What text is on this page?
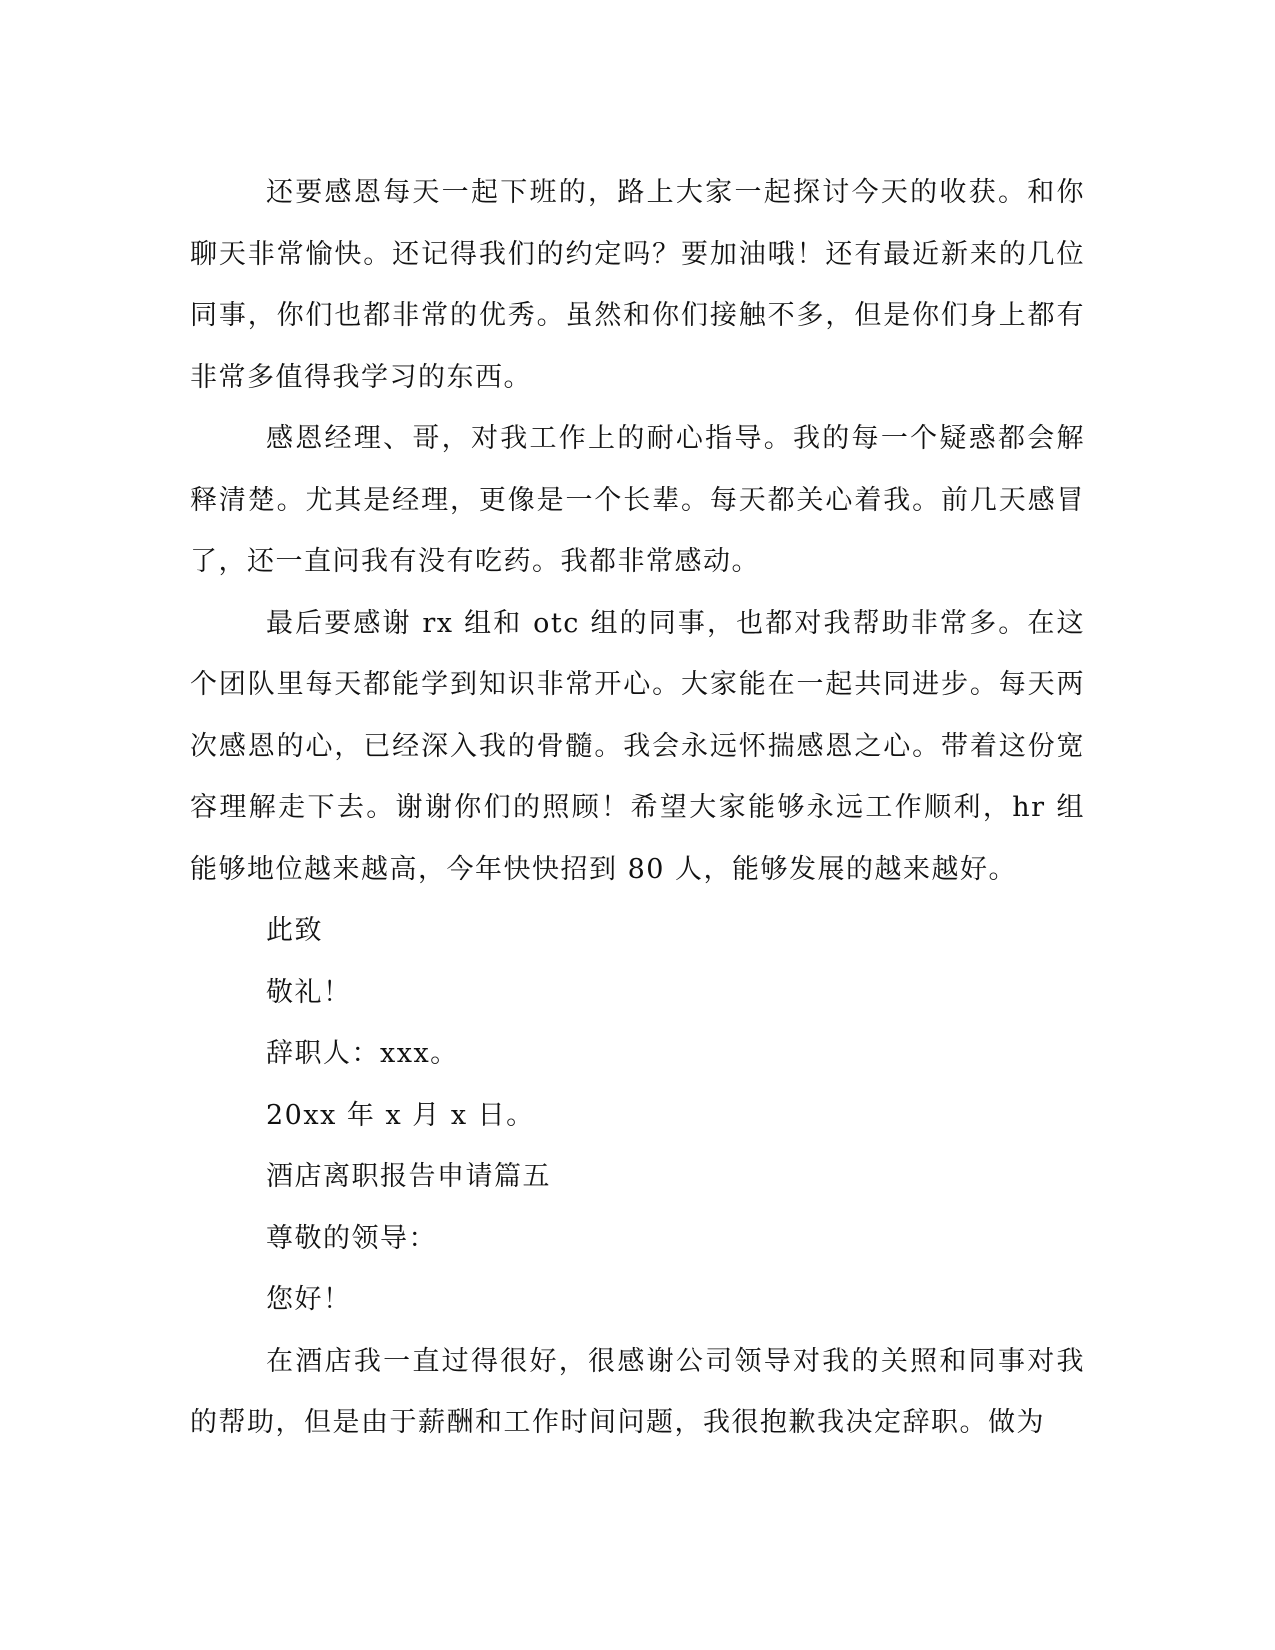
还要感恩每天一起下班的，路上大家一起探讨今天的收获。和你聊天非常愉快。还记得我们的约定吗？要加油哦！还有最近新来的几位同事，你们也都非常的优秀。虽然和你们接触不多，但是你们身上都有非常多值得我学习的东西。

感恩经理、哥，对我工作上的耐心指导。我的每一个疑惑都会解释清楚。尤其是经理，更像是一个长辈。每天都关心着我。前几天感冒了，还一直问我有没有吃药。我都非常感动。

最后要感谢 rx 组和 otc 组的同事，也都对我帮助非常多。在这个团队里每天都能学到知识非常开心。大家能在一起共同进步。每天两次感恩的心，已经深入我的骨髓。我会永远怀揣感恩之心。带着这份宽容理解走下去。谢谢你们的照顾！希望大家能够永远工作顺利，hr 组能够地位越来越高，今年快快招到 80 人，能够发展的越来越好。

此致

敬礼！

辞职人：xxx。

20xx 年 x 月 x 日。

酒店离职报告申请篇五

尊敬的领导：

您好！

在酒店我一直过得很好，很感谢公司领导对我的关照和同事对我的帮助，但是由于薪酬和工作时间问题，我很抱歉我决定辞职。做为
